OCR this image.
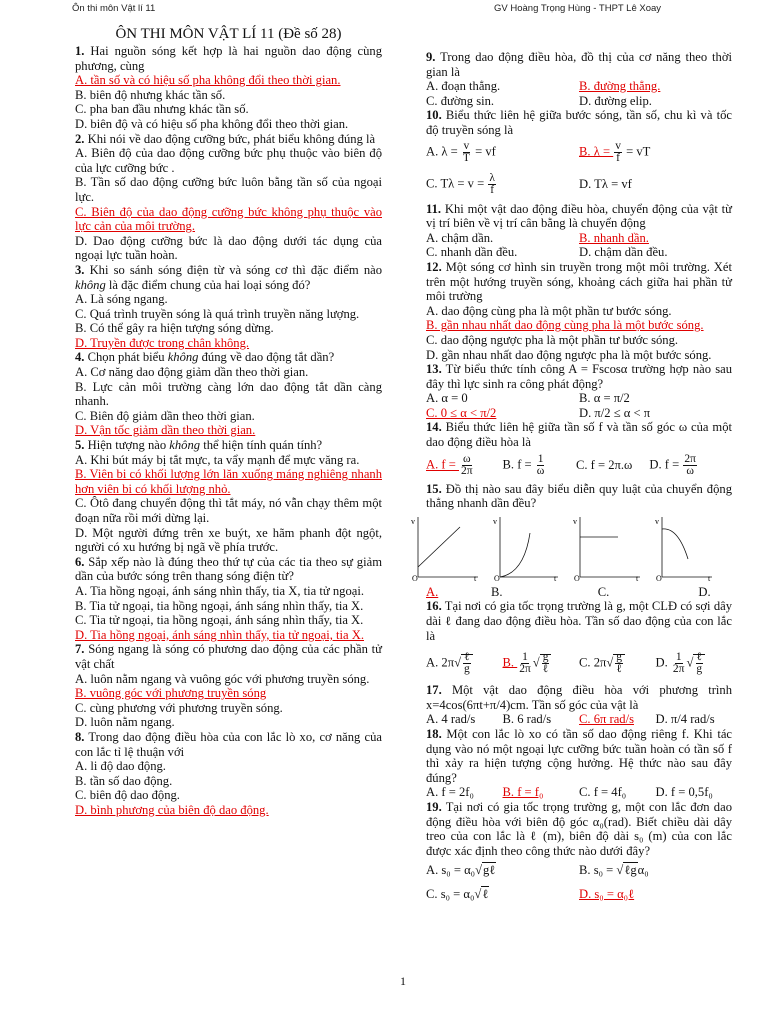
Ôn thi môn Vật lí 11	GV Hoàng Trọng Hùng - THPT Lê Xoay
ÔN THI MÔN VẬT LÍ 11 (Đề số 28)
1. Hai nguồn sóng kết hợp là hai nguồn dao động cùng phương, cùng
A. tần số và có hiệu số pha không đổi theo thời gian.
B. biên độ nhưng khác tần số.
C. pha ban đầu nhưng khác tần số.
D. biên độ và có hiệu số pha không đổi theo thời gian.
2. Khi nói về dao động cưỡng bức, phát biểu không đúng là
A. Biên độ của dao động cưỡng bức phụ thuộc vào biên độ của lực cưỡng bức .
B. Tần số dao động cưỡng bức luôn bằng tần số của ngoại lực.
C. Biên độ của dao động cưỡng bức không phụ thuộc vào lực cản của môi trường.
D. Dao động cưỡng bức là dao động dưới tác dụng của ngoại lực tuần hoàn.
3. Khi so sánh sóng điện từ và sóng cơ thì đặc điểm nào không là đặc điểm chung của hai loại sóng đó?
A. Là sóng ngang.
C. Quá trình truyền sóng là quá trình truyền năng lượng.
B. Có thể gây ra hiện tượng sóng dừng.
D. Truyền được trong chân không.
4. Chọn phát biểu không đúng về dao động tắt dần?
A. Cơ năng dao động giảm dần theo thời gian.
B. Lực cản môi trường càng lớn dao động tắt dần càng nhanh.
C. Biên độ giảm dần theo thời gian.
D. Vận tốc giảm dần theo thời gian.
5. Hiện tượng nào không thể hiện tính quán tính?
A. Khi bút máy bị tắt mực, ta vẩy mạnh để mực văng ra.
B. Viên bi có khối lượng lớn lăn xuống máng nghiêng nhanh hơn viên bi có khối lượng nhỏ.
C. Ôtô đang chuyển động thì tắt máy, nó vẫn chạy thêm một đoạn nữa rồi mới dừng lại.
D. Một người đứng trên xe buýt, xe hãm phanh đột ngột, người có xu hướng bị ngã về phía trước.
6. Sắp xếp nào là đúng theo thứ tự của các tia theo sự giảm dần của bước sóng trên thang sóng điện từ?
A. Tia hồng ngoại, ánh sáng nhìn thấy, tia X, tia tử ngoại.
B. Tia tử ngoại, tia hồng ngoại, ánh sáng nhìn thấy, tia X.
C. Tia tử ngoại, tia hồng ngoại, ánh sáng nhìn thấy, tia X.
D. Tia hồng ngoại, ánh sáng nhìn thấy, tia tử ngoại, tia X.
7. Sóng ngang là sóng có phương dao động của các phần tử vật chất
A. luôn nằm ngang và vuông góc với phương truyền sóng.
B. vuông góc với phương truyền sóng
C. cùng phương với phương truyền sóng.
D. luôn nằm ngang.
8. Trong dao động điều hòa của con lắc lò xo, cơ năng của con lắc tỉ lệ thuận với
A. li độ dao động.
B. tần số dao động.
C. biên độ dao động.
D. bình phương của biên độ dao động.
9. Trong dao động điều hòa, đồ thị của cơ năng theo thời gian là
A. đoạn thẳng.	B. đường thẳng.
C. đường sin.	D. đường elip.
10. Biểu thức liên hệ giữa bước sóng, tần số, chu kì và tốc độ truyền sóng là
A. $\lambda = \frac{v}{T}$ = vf	B. $\lambda = \frac{v}{f}$ = vT
C. $T\lambda = v = \frac{\lambda}{f}$	D. Tλ = vf
11. Khi một vật dao động điều hòa, chuyển động của vật từ vị trí biên về vị trí cân bằng là chuyển động
A. chậm dần.	B. nhanh dần.
C. nhanh dần đều.	D. chậm dần đều.
12. Một sóng cơ hình sin truyền trong một môi trường. Xét trên một hướng truyền sóng, khoảng cách giữa hai phần tử môi trường
A. dao động cùng pha là một phần tư bước sóng.
B. gần nhau nhất dao động cùng pha là một bước sóng.
C. dao động ngược pha là một phần tư bước sóng.
D. gần nhau nhất dao động ngược pha là một bước sóng.
13. Từ biểu thức tính công A = Fscosα trường hợp nào sau đây thì lực sinh ra công phát động?
A. α = 0	B. α = π/2
C. 0 ≤ α < π/2	D. π/2 ≤ α < π
14. Biểu thức liên hệ giữa tần số f và tần số góc ω của một dao động điều hòa là
A. $f = \frac{\omega}{2\pi} B$. $f = \frac{1}{\omega} C$. f = 2π.ω	D. $f = \frac{2\pi}{\omega}$
15. Đồ thị nào sau đây biểu diễn quy luật của chuyển động thẳng nhanh dần đều?
O
v
t O
v
t O
v
t O
v
t
A.	B.	C.	D.
16. Tại nơi có gia tốc trọng trường là g, một CLĐ có sợi dây dài ℓ đang dao động điều hòa. Tần số dao động của con lắc là
A. $2\pi√ \frac{\text{ℓ}}{g}$	B. $\frac{1}{2\pi}$ √ $\frac{g}{\text{ℓ}} C$. $2\pi√ \frac{g}{\text{ℓ}}$	D. $\frac{1}{2\pi}$ √ $\frac{\text{ℓ}}{g}$
17. Một vật dao động điều hòa với phương trình x=4cos(6πt+π/4)cm. Tần số góc của vật là
A. 4 rad/s	B. 6 rad/s	C. 6π rad/s	D. π/4 rad/s
18. Một con lắc lò xo có tần số dao động riêng f. Khi tác dụng vào nó một ngoại lực cưỡng bức tuần hoàn có tần số f thì xảy ra hiện tượng cộng hưởng. Hệ thức nào sau đây đúng?
A. f = 2f₀	B. f = f₀	C. f = 4f₀	D. f = 0,5f₀
19. Tại nơi có gia tốc trọng trường g, một con lắc đơn dao động điều hòa với biên độ góc α₀(rad). Biết chiều dài dây treo của con lắc là ℓ (m), biên độ dài s₀ (m) của con lắc được xác định theo công thức nào dưới đây?
A. s₀ = α₀√gℓ	B. s₀ = √ℓgα₀
C. s₀ = α₀√ℓ	D. s₀ = α₀ℓ
1
